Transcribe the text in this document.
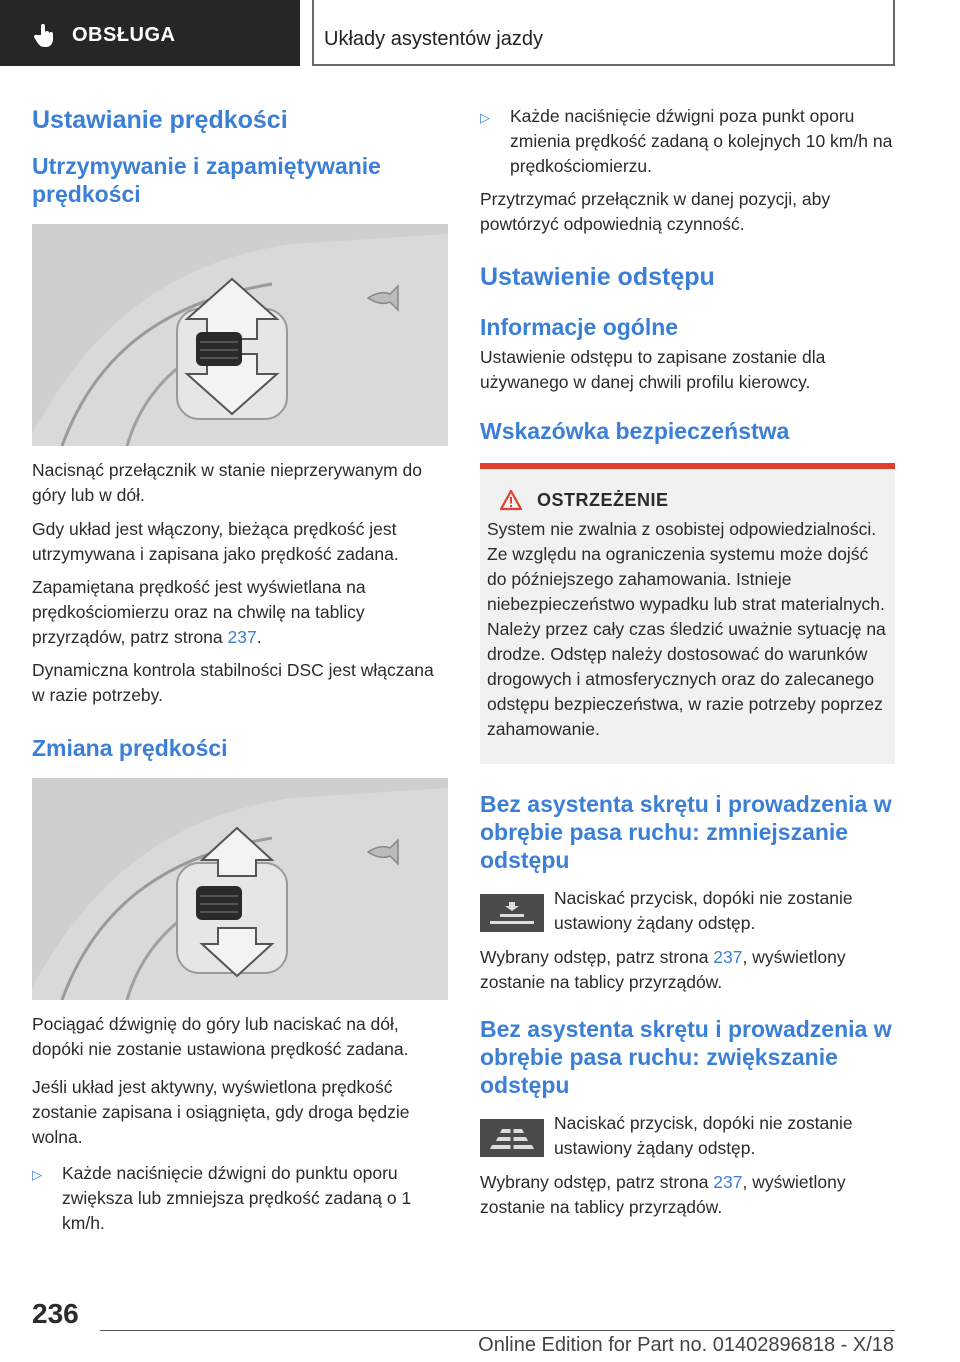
OBSŁUGA	Układy asystentów jazdy
Ustawianie prędkości
Utrzymywanie i zapamiętywanie prędkości

Nacisnąć przełącznik w stanie nieprzerywanym do góry lub w dół.

Gdy układ jest włączony, bieżąca prędkość jest utrzymywana i zapisana jako prędkość zadana.

Zapamiętana prędkość jest wyświetlana na prędkościomierzu oraz na chwilę na tablicy przyrządów, patrz strona 237.

Dynamiczna kontrola stabilności DSC jest włączana w razie potrzeby.

Zmiana prędkości

Pociągać dźwignię do góry lub naciskać na dół, dopóki nie zostanie ustawiona prędkość zadana.

Jeśli układ jest aktywny, wyświetlona prędkość zostanie zapisana i osiągnięta, gdy droga będzie wolna.

▷	Każde naciśnięcie dźwigni do punktu oporu zwiększa lub zmniejsza prędkość zadaną o 1 km/h.
▷	Każde naciśnięcie dźwigni poza punkt oporu zmienia prędkość zadaną o kolejnych 10 km/h na prędkościomierzu.

Przytrzymać przełącznik w danej pozycji, aby powtórzyć odpowiednią czynność.

Ustawienie odstępu
Informacje ogólne

Ustawienie odstępu to zapisane zostanie dla używanego w danej chwili profilu kierowcy.

Wskazówka bezpieczeństwa
OSTRZEŻENIE

System nie zwalnia z osobistej odpowiedzialności. Ze względu na ograniczenia systemu może dojść do późniejszego zahamowania. Istnieje niebezpieczeństwo wypadku lub strat materialnych. Należy przez cały czas śledzić uważnie sytuację na drodze. Odstęp należy dostosować do warunków drogowych i atmosferycznych oraz do zalecanego odstępu bezpieczeństwa, w razie potrzeby poprzez zahamowanie.

Bez asystenta skrętu i prowadzenia w obrębie pasa ruchu: zmniejszanie odstępu

Naciskać przycisk, dopóki nie zostanie ustawiony żądany odstęp.

Wybrany odstęp, patrz strona 237, wyświetlony zostanie na tablicy przyrządów.

Bez asystenta skrętu i prowadzenia w obrębie pasa ruchu: zwiększanie odstępu

Naciskać przycisk, dopóki nie zostanie ustawiony żądany odstęp.

Wybrany odstęp, patrz strona 237, wyświetlony zostanie na tablicy przyrządów.

236
Online Edition for Part no. 01402896818 - X/18
